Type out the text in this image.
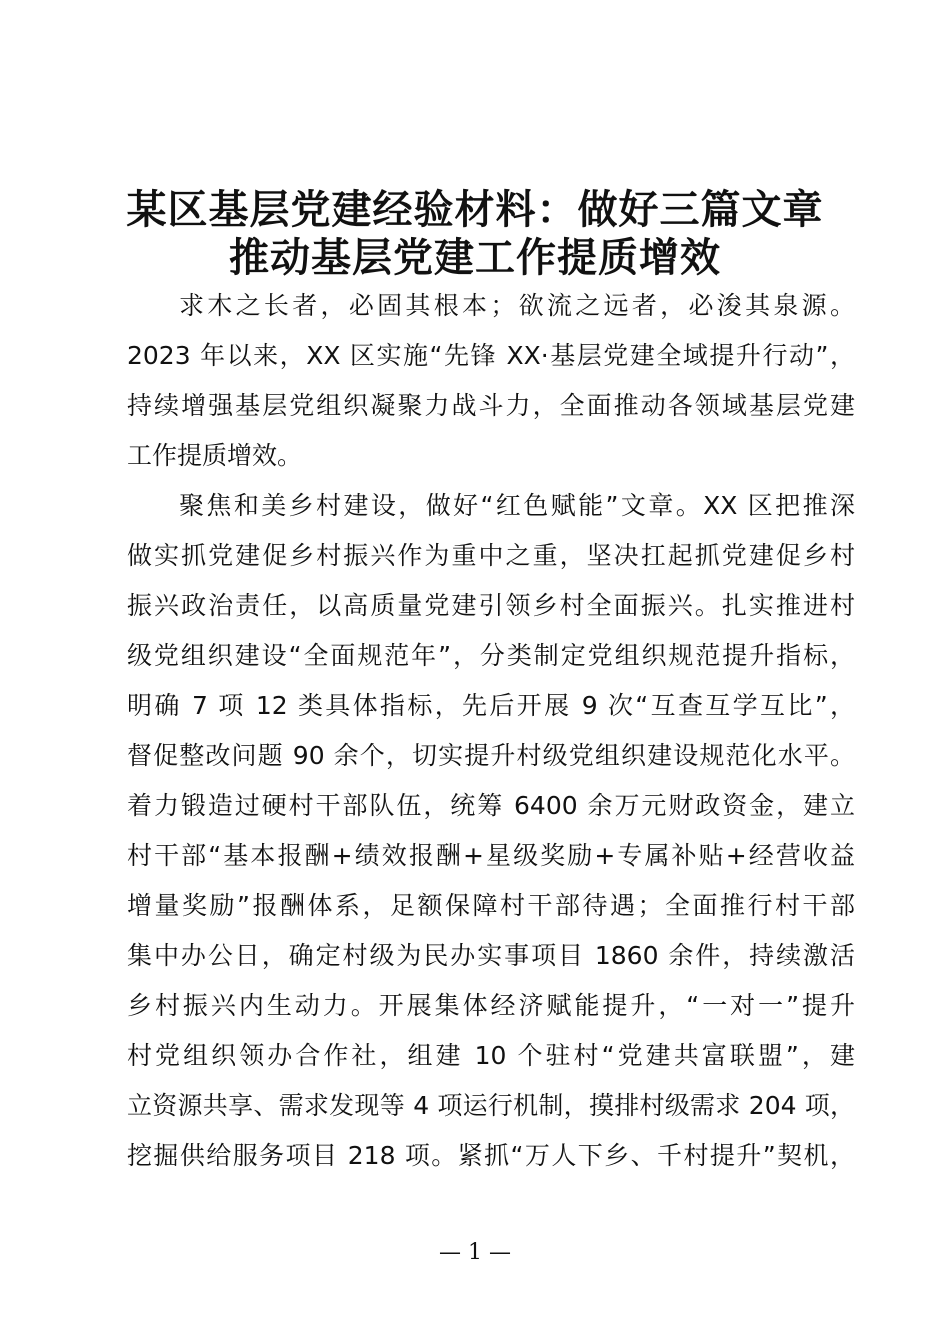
某区基层党建经验材料：做好三篇文章
推动基层党建工作提质增效
求木之长者，必固其根本；欲流之远者，必浚其泉源。
2023 年以来，XX 区实施“先锋 XX·基层党建全域提升行动”，
持续增强基层党组织凝聚力战斗力，全面推动各领域基层党建
工作提质增效。
聚焦和美乡村建设，做好“红色赋能”文章。XX 区把推深
做实抓党建促乡村振兴作为重中之重，坚决扛起抓党建促乡村
振兴政治责任，以高质量党建引领乡村全面振兴。扎实推进村
级党组织建设“全面规范年”，分类制定党组织规范提升指标，
明确 7 项 12 类具体指标，先后开展 9 次“互查互学互比”，
督促整改问题 90 余个，切实提升村级党组织建设规范化水平。
着力锻造过硬村干部队伍，统筹 6400 余万元财政资金，建立
村干部“基本报酬+绩效报酬+星级奖励+专属补贴+经营收益
增量奖励”报酬体系，足额保障村干部待遇；全面推行村干部
集中办公日，确定村级为民办实事项目 1860 余件，持续激活
乡村振兴内生动力。开展集体经济赋能提升，“一对一”提升
村党组织领办合作社，组建 10 个驻村“党建共富联盟”，建
立资源共享、需求发现等 4 项运行机制，摸排村级需求 204 项，
挖掘供给服务项目 218 项。紧抓“万人下乡、千村提升”契机，
— 1 —
